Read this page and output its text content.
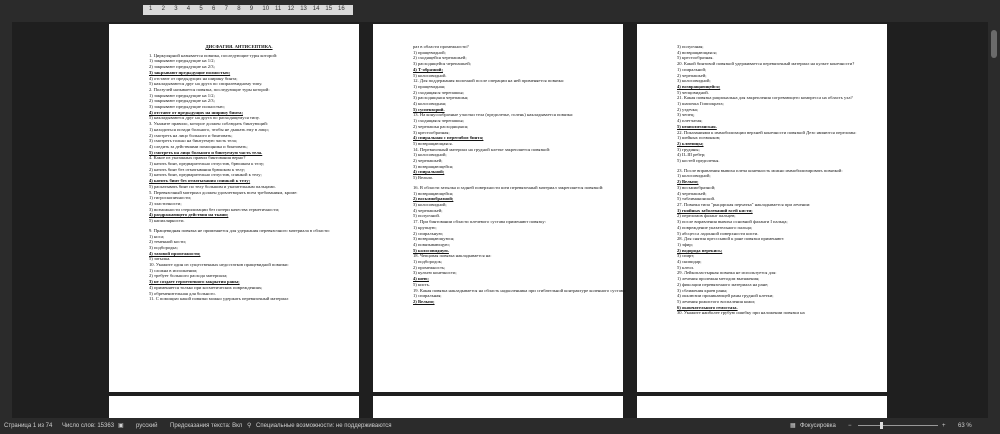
1 2 3 4 5 6 7 8 9 10 11 12 13 14 15 16
ДИСФАГИЯ. АНТИСЕПТИКА.
1. Циркулярной называется повязка, последующие туры которой:
1) закрывают предыдущие на 1/2;
2) закрывают предыдущие на 2/3;
3) закрывают предыдущие полностью;
4) отстают от предыдущих на ширину бинта;
5) накладываются друг на друга по спиралевидному типу.
2. Ползучей называется повязка, последующие туры которой:
1) закрывают предыдущие на 1/2;
2) закрывают предыдущие на 2/3;
3) закрывают предыдущие полностью;
4) отстают от предыдущих на ширину бинта;
5) накладываются друг на друга по расходящемуся типу.
3. Укажите правило, которое должен соблюдать бинтующий:
1) находиться позади больного, чтобы не дышать ему в лицо;
2) смотреть на лицо больного и бинтовать;
3) смотреть только на бинтуемую часть тела;
4) следить за действиями помощника и бинтовать;
5) смотреть на лицо больного и бинтуемую часть тела.
4. Какое из указанных правил бинтования верно?
1) катить бинт, предварительно отпустив, брюшком к телу;
2) катить бинт без отматывания брюшком к телу;
3) катить бинт, предварительно отпустив, спинкой к телу;
4) катить бинт без отматывания спинкой к телу;
5) раскатывать бинт по телу большим и указательным пальцами.
5. Перевязочный материал должен удовлетворять всем требованиям, кроме:
1) гигроскопичности;
2) эластичности;
3) возможности стерилизации без потери качества герметичности;
4) раздражающего действия на ткани;
5) капиллярности.
9. Пращевидная повязка не применяется для удержания перевязочного материала в области:
1) носа;
2) теменной кости;
3) подбородка;
4) тазовой промежности;
5) затылка.
10. Укажите один из существенных недостатков пращевидной повязки:
1) сложна в исполнении;
2) требует большого расхода материала;
3) не создает герметичного закрытия раны;
4) применяется только при косметических повреждениях;
5) обременительная для больного.
11. С помощью какой повязки можно удержать перевязочный материал
раз в области промежности?
1) пращевидной;
2) сходящейся черепашьей;
3) расходящейся черепашьей;
4) Т-образной;
5) колосовидной.
12. Для поддержания молочной после операции на ней применяется повязка:
1) пращевидная;
2) сходящаяся черепашья;
3) расходящаяся черепашья;
4) колосовидная;
5) суспензорий.
13. На конусообразные участки тела (предплечье, голень) накладывается повязка:
1) сходящаяся черепашья;
2) черепашья расходящаяся;
3) крестообразная;
4) спиральная с перегибом бинта;
5) возвращающаяся.
14. Перевязочный материал на грудной клетке закрепляется повязкой:
1) колосовидной;
2) черепашьей;
3) возвращающейся;
4) спиральной;
5) Вельпо.
16. В области затылка и задней поверхности шеи перевязочный материал закрепляется повязкой:
1) возвращающейся;
2) восьмиобразной;
3) колосовидной;
4) черепашьей;
5) полуочной.
17. При бинтовании области плечевого сустава применяют повязку:
1) крупную;
2) спиральную;
3) возвращающуюся;
4) повязывающую;
5) колосовидную.
18. Чепцовая повязка накладывается на:
1) подбородок;
2) промежность;
3) культю конечности;
4) шею;
5) кисть.
19. Какая повязка накладывается на область надколенника при сгибательной контрактуре коленного сустава:
1) спиральная;
2) Вельпо;
3) полуочная;
4) возвращающаяся;
5) крестообразная.
20. Какой бинтовой повязкой удерживается перевязочный материал на культе конечности?
1) спиральной;
2) черепашьей;
3) колосовидной;
4) возвращающейся;
5) чепцовидной.
21. Какая повязка рациональна для закрепления согревающего компресса на область уха?
1) шапочка Гиппократа;
2) уздечка;
3) чепец;
4) плетчатая;
5) неаполитанская.
22. Показаниями к иммобилизации верхней конечности повязкой Дезо являются переломы:
1) шейных позвонков;
2) ключицы;
3) грудины;
4) II–III ребер;
5) костей предплечья.
23. После вправления вывиха плеча конечность можно иммобилизировать повязкой:
1) колосовидной;
2) Вельпо;
3) восьмиобразной;
4) черепашьей;
5) таблиманонской.
27. Повязка типа "рыцарская перчатка" накладывается при лечении:
1) гнойных заболеваний всей кисти;
2) переломов фаланг пальцев;
3) после вправления вывиха основной фаланги I пальца;
4) повреждение указательного пальца;
5) абсцесса ладонной поверхности кисти.
28. Для снятия пресссывой к ране повязки применяют:
1) эфир;
2) водорода перекись;
3) спирт;
4) скипидар;
5) клеол.
29. Лейкопластырная повязка не используется для:
1) лечения пролежня методом вытяжения;
2) фиксации перевязочного материала на ране;
3) сближения краев раны;
4) окклюзии проникающей раны грудной клетки;
5) лечения рожистого воспаления кожи;
6) окончательного гемостаза.
30. Укажите наиболее грубую ошибку при наложении повязки на
Страница 1 из 74 Число слов: 15363 ▣ русский Предсказания текста: Вкл ⚲ Специальные возможности: не поддерживаются	▦ Фокусировка −	+ 63 %
